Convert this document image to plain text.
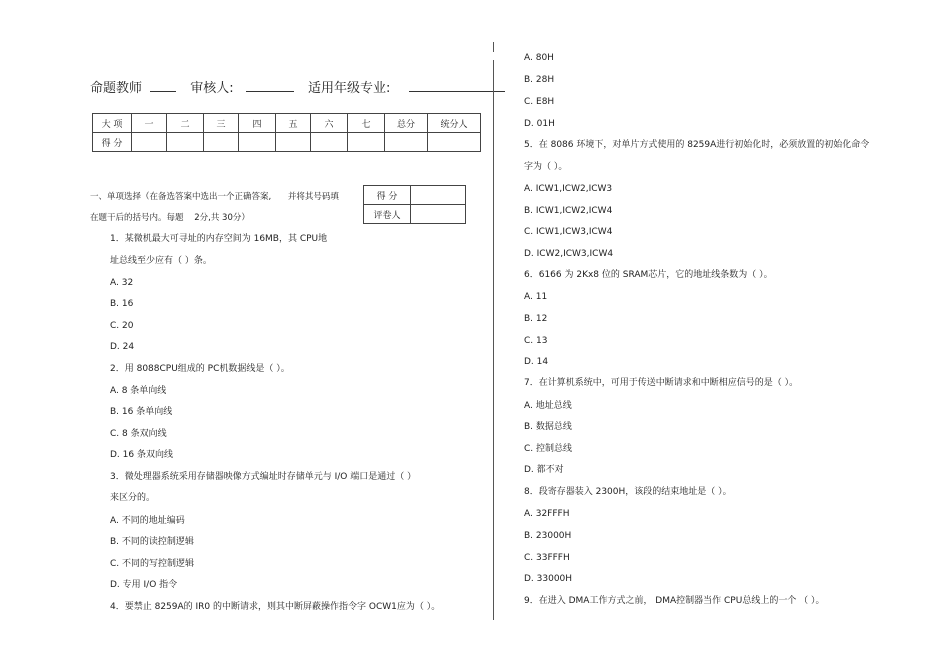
命题教师	审核人:	适用年级专业:
大 项	一	二	三	四	五	六	七	总分	统分人
得 分									
得 分	
评卷人	
一、单项选择（在备选答案中选出一个正确答案, 并将其号码填
在题干后的括号内。每题 2分,共 30分）
1．某微机最大可寻址的内存空间为 16MB，其 CPU地
址总线至少应有（ ）条。
A. 32
B. 16
C. 20
D. 24
2．用 8088CPU组成的 PC机数据线是（ ）。
A. 8 条单向线
B. 16 条单向线
C. 8 条双向线
D. 16 条双向线
3．微处理器系统采用存储器映像方式编址时存储单元与 I/O 端口是通过（ ）
来区分的。
A. 不同的地址编码
B. 不同的读控制逻辑
C. 不同的写控制逻辑
D. 专用 I/O 指令
4．要禁止 8259A的 IR0 的中断请求，则其中断屏蔽操作指令字 OCW1应为（ ）。
A. 80H
B. 28H
C. E8H
D. 01H
5．在 8086 环境下，对单片方式使用的 8259A进行初始化时，必须放置的初始化命令
字为（ ）。
A. ICW1,ICW2,ICW3
B. ICW1,ICW2,ICW4
C. ICW1,ICW3,ICW4
D. ICW2,ICW3,ICW4
6．6166 为 2Kx8 位的 SRAM芯片，它的地址线条数为（ ）。
A. 11
B. 12
C. 13
D. 14
7．在计算机系统中，可用于传送中断请求和中断相应信号的是（ ）。
A. 地址总线
B. 数据总线
C. 控制总线
D. 都不对
8．段寄存器装入 2300H，该段的结束地址是（ ）。
A. 32FFFH
B. 23000H
C. 33FFFH
D. 33000H
9．在进入 DMA工作方式之前， DMA控制器当作 CPU总线上的一个 （ ）。
